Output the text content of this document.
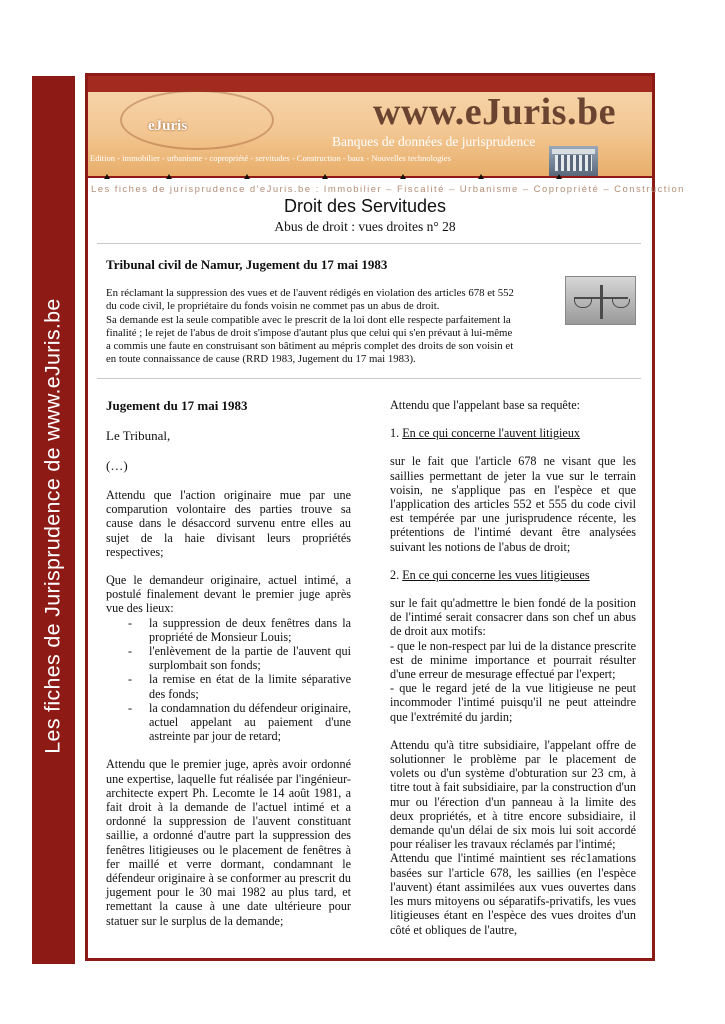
Les fiches de Jurisprudence de www.eJuris.be
eJuris	www.eJuris.be
Banques de données de jurisprudence
Edition - immobilier - urbanisme - copropriété - servitudes - Construction - baux - Nouvelles technologies
Les fiches de jurisprudence d'eJuris.be : Immobilier – Fiscalité – Urbanisme – Copropriété – Construction
Droit des Servitudes
Abus de droit : vues droites n° 28
Tribunal civil de Namur, Jugement du 17 mai 1983

En réclamant la suppression des vues et de l'auvent rédigés en violation des articles 678 et 552
du code civil, le propriétaire du fonds voisin ne commet pas un abus de droit.
Sa demande est la seule compatible avec le prescrit de la loi dont elle respecte parfaitement la
finalité ; le rejet de l'abus de droit s'impose d'autant plus que celui qui s'en prévaut à lui-même
a commis une faute en construisant son bâtiment au mépris complet des droits de son voisin et
en toute connaissance de cause (RRD 1983, Jugement du 17 mai 1983).

Jugement du 17 mai 1983

Le Tribunal,

(…)

Attendu que l'action originaire mue par une comparution volontaire des parties trouve sa cause dans le désaccord survenu entre elles au sujet de la haie divisant leurs propriétés respectives;

Que le demandeur originaire, actuel intimé, a postulé finalement devant le premier juge après vue des lieux:

- la suppression de deux fenêtres dans la propriété de Monsieur Louis;
- l'enlèvement de la partie de l'auvent qui surplombait son fonds;
- la remise en état de la limite séparative des fonds;
- la condamnation du défendeur originaire, actuel appelant au paiement d'une astreinte par jour de retard;

Attendu que le premier juge, après avoir ordonné une expertise, laquelle fut réalisée par l'ingénieur-architecte expert Ph. Lecomte le 14 août 1981, a fait droit à la demande de l'actuel intimé et a ordonné la suppression de l'auvent constituant saillie, a ordonné d'autre part la suppression des fenêtres litigieuses ou le placement de fenêtres à fer maillé et verre dormant, condamnant le défendeur originaire à se conformer au prescrit du jugement pour le 30 mai 1982 au plus tard, et remettant la cause à une date ultérieure pour statuer sur le surplus de la demande;

Attendu que l'appelant base sa requête:

1. En ce qui concerne l'auvent litigieux

sur le fait que l'article 678 ne visant que les saillies permettant de jeter la vue sur le terrain voisin, ne s'applique pas en l'espèce et que l'application des articles 552 et 555 du code civil est tempérée par une jurisprudence récente, les prétentions de l'intimé devant être analysées suivant les notions de l'abus de droit;

2. En ce qui concerne les vues litigieuses

sur le fait qu'admettre le bien fondé de la position de l'intimé serait consacrer dans son chef un abus de droit aux motifs:

- que le non-respect par lui de la distance prescrite est de minime importance et pourrait résulter d'une erreur de mesurage effectué par l'expert;

- que le regard jeté de la vue litigieuse ne peut incommoder l'intimé puisqu'il ne peut atteindre que l'extrémité du jardin;

Attendu qu'à titre subsidiaire, l'appelant offre de solutionner le problème par le placement de volets ou d'un système d'obturation sur 23 cm, à titre tout à fait subsidiaire, par la construction d'un mur ou l'érection d'un panneau à la limite des deux propriétés, et à titre encore subsidiaire, il demande qu'un délai de six mois lui soit accordé pour réaliser les travaux réclamés par l'intimé;

Attendu que l'intimé maintient ses réc1amations basées sur l'article 678, les saillies (en l'espèce l'auvent) étant assimilées aux vues ouvertes dans les murs mitoyens ou séparatifs-privatifs, les vues litigieuses étant en l'espèce des vues droites d'un côté et obliques de l'autre,
